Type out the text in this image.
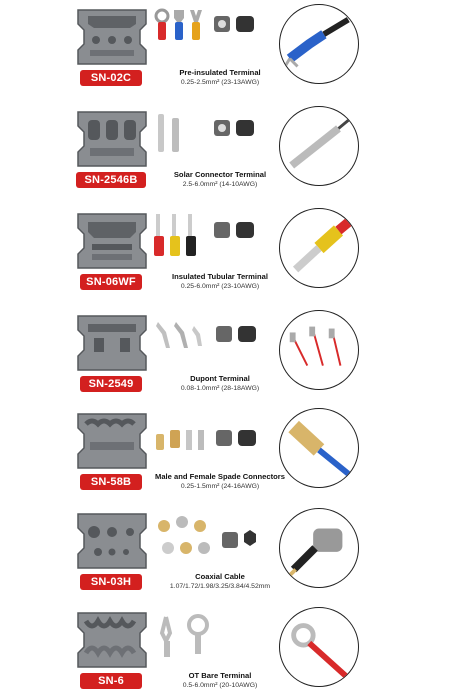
SN-02C	Pre-insulated Terminal
0.25-2.5mm² (23-13AWG)
SN-2546B	Solar Connector Terminal
2.5-6.0mm² (14-10AWG)
SN-06WF	Insulated Tubular Terminal
0.25-6.0mm² (23-10AWG)
SN-2549	Dupont Terminal
0.08-1.0mm² (28-18AWG)
SN-58B	Male and Female Spade Connectors
0.25-1.5mm² (24-16AWG)
SN-03H	Coaxial Cable
1.07/1.72/1.98/3.25/3.84/4.52mm
SN-6	OT Bare Terminal
0.5-6.0mm² (20-10AWG)
